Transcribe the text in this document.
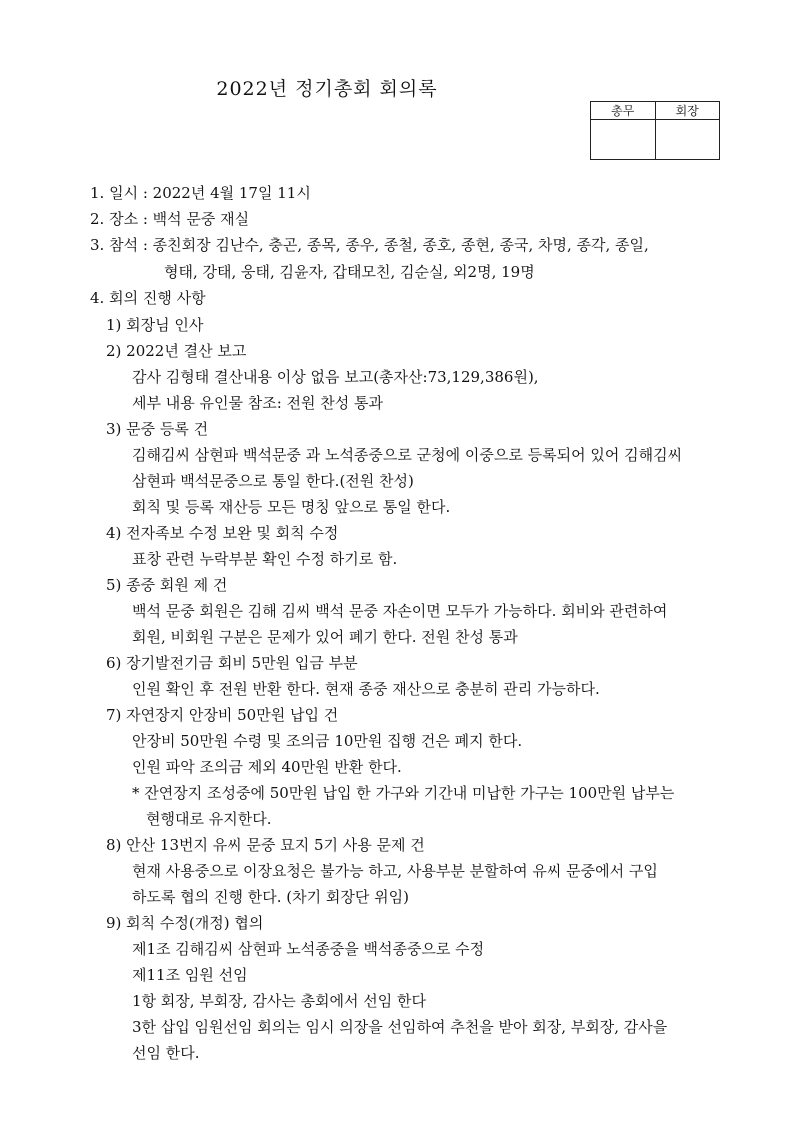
2022년 정기총회 회의록
총무	회장

1. 일시 : 2022년 4월 17일 11시
2. 장소 : 백석 문중 재실
3. 참석 : 종친회장 김난수, 충곤, 종목, 종우, 종철, 종호, 종현, 종국, 차명, 종각, 종일,
형태, 강태, 웅태, 김윤자, 갑태모친, 김순실, 외2명, 19명
4. 회의 진행 사항
1) 회장님 인사
2) 2022년 결산 보고
감사 김형태 결산내용 이상 없음 보고(총자산:73,129,386원),
세부 내용 유인물 참조: 전원 찬성 통과
3) 문중 등록 건
김해김씨 삼현파 백석문중 과 노석종중으로 군청에 이중으로 등록되어 있어 김해김씨
삼현파 백석문중으로 통일 한다.(전원 찬성)
회칙 및 등록 재산등 모든 명칭 앞으로 통일 한다.
4) 전자족보 수정 보완 및 회칙 수정
표창 관련 누락부분 확인 수정 하기로 함.
5) 종중 회원 제 건
백석 문중 회원은 김해 김씨 백석 문중 자손이면 모두가 가능하다. 회비와 관련하여
회원, 비회원 구분은 문제가 있어 폐기 한다. 전원 찬성 통과
6) 장기발전기금 회비 5만원 입금 부분
인원 확인 후 전원 반환 한다. 현재 종중 재산으로 충분히 관리 가능하다.
7) 자연장지 안장비 50만원 납입 건
안장비 50만원 수령 및 조의금 10만원 집행 건은 폐지 한다.
인원 파악 조의금 제외 40만원 반환 한다.
* 잔연장지 조성중에 50만원 납입 한 가구와 기간내 미납한 가구는 100만원 납부는
현행대로 유지한다.
8) 안산 13번지 유씨 문중 묘지 5기 사용 문제 건
현재 사용중으로 이장요청은 불가능 하고, 사용부분 분할하여 유씨 문중에서 구입
하도록 협의 진행 한다. (차기 회장단 위임)
9) 회칙 수정(개정) 협의
제1조 김해김씨 삼현파 노석종중을 백석종중으로 수정
제11조 임원 선임
1항 회장, 부회장, 감사는 총회에서 선임 한다
3한 삽입 임원선임 회의는 임시 의장을 선임하여 추천을 받아 회장, 부회장, 감사을
선임 한다.
